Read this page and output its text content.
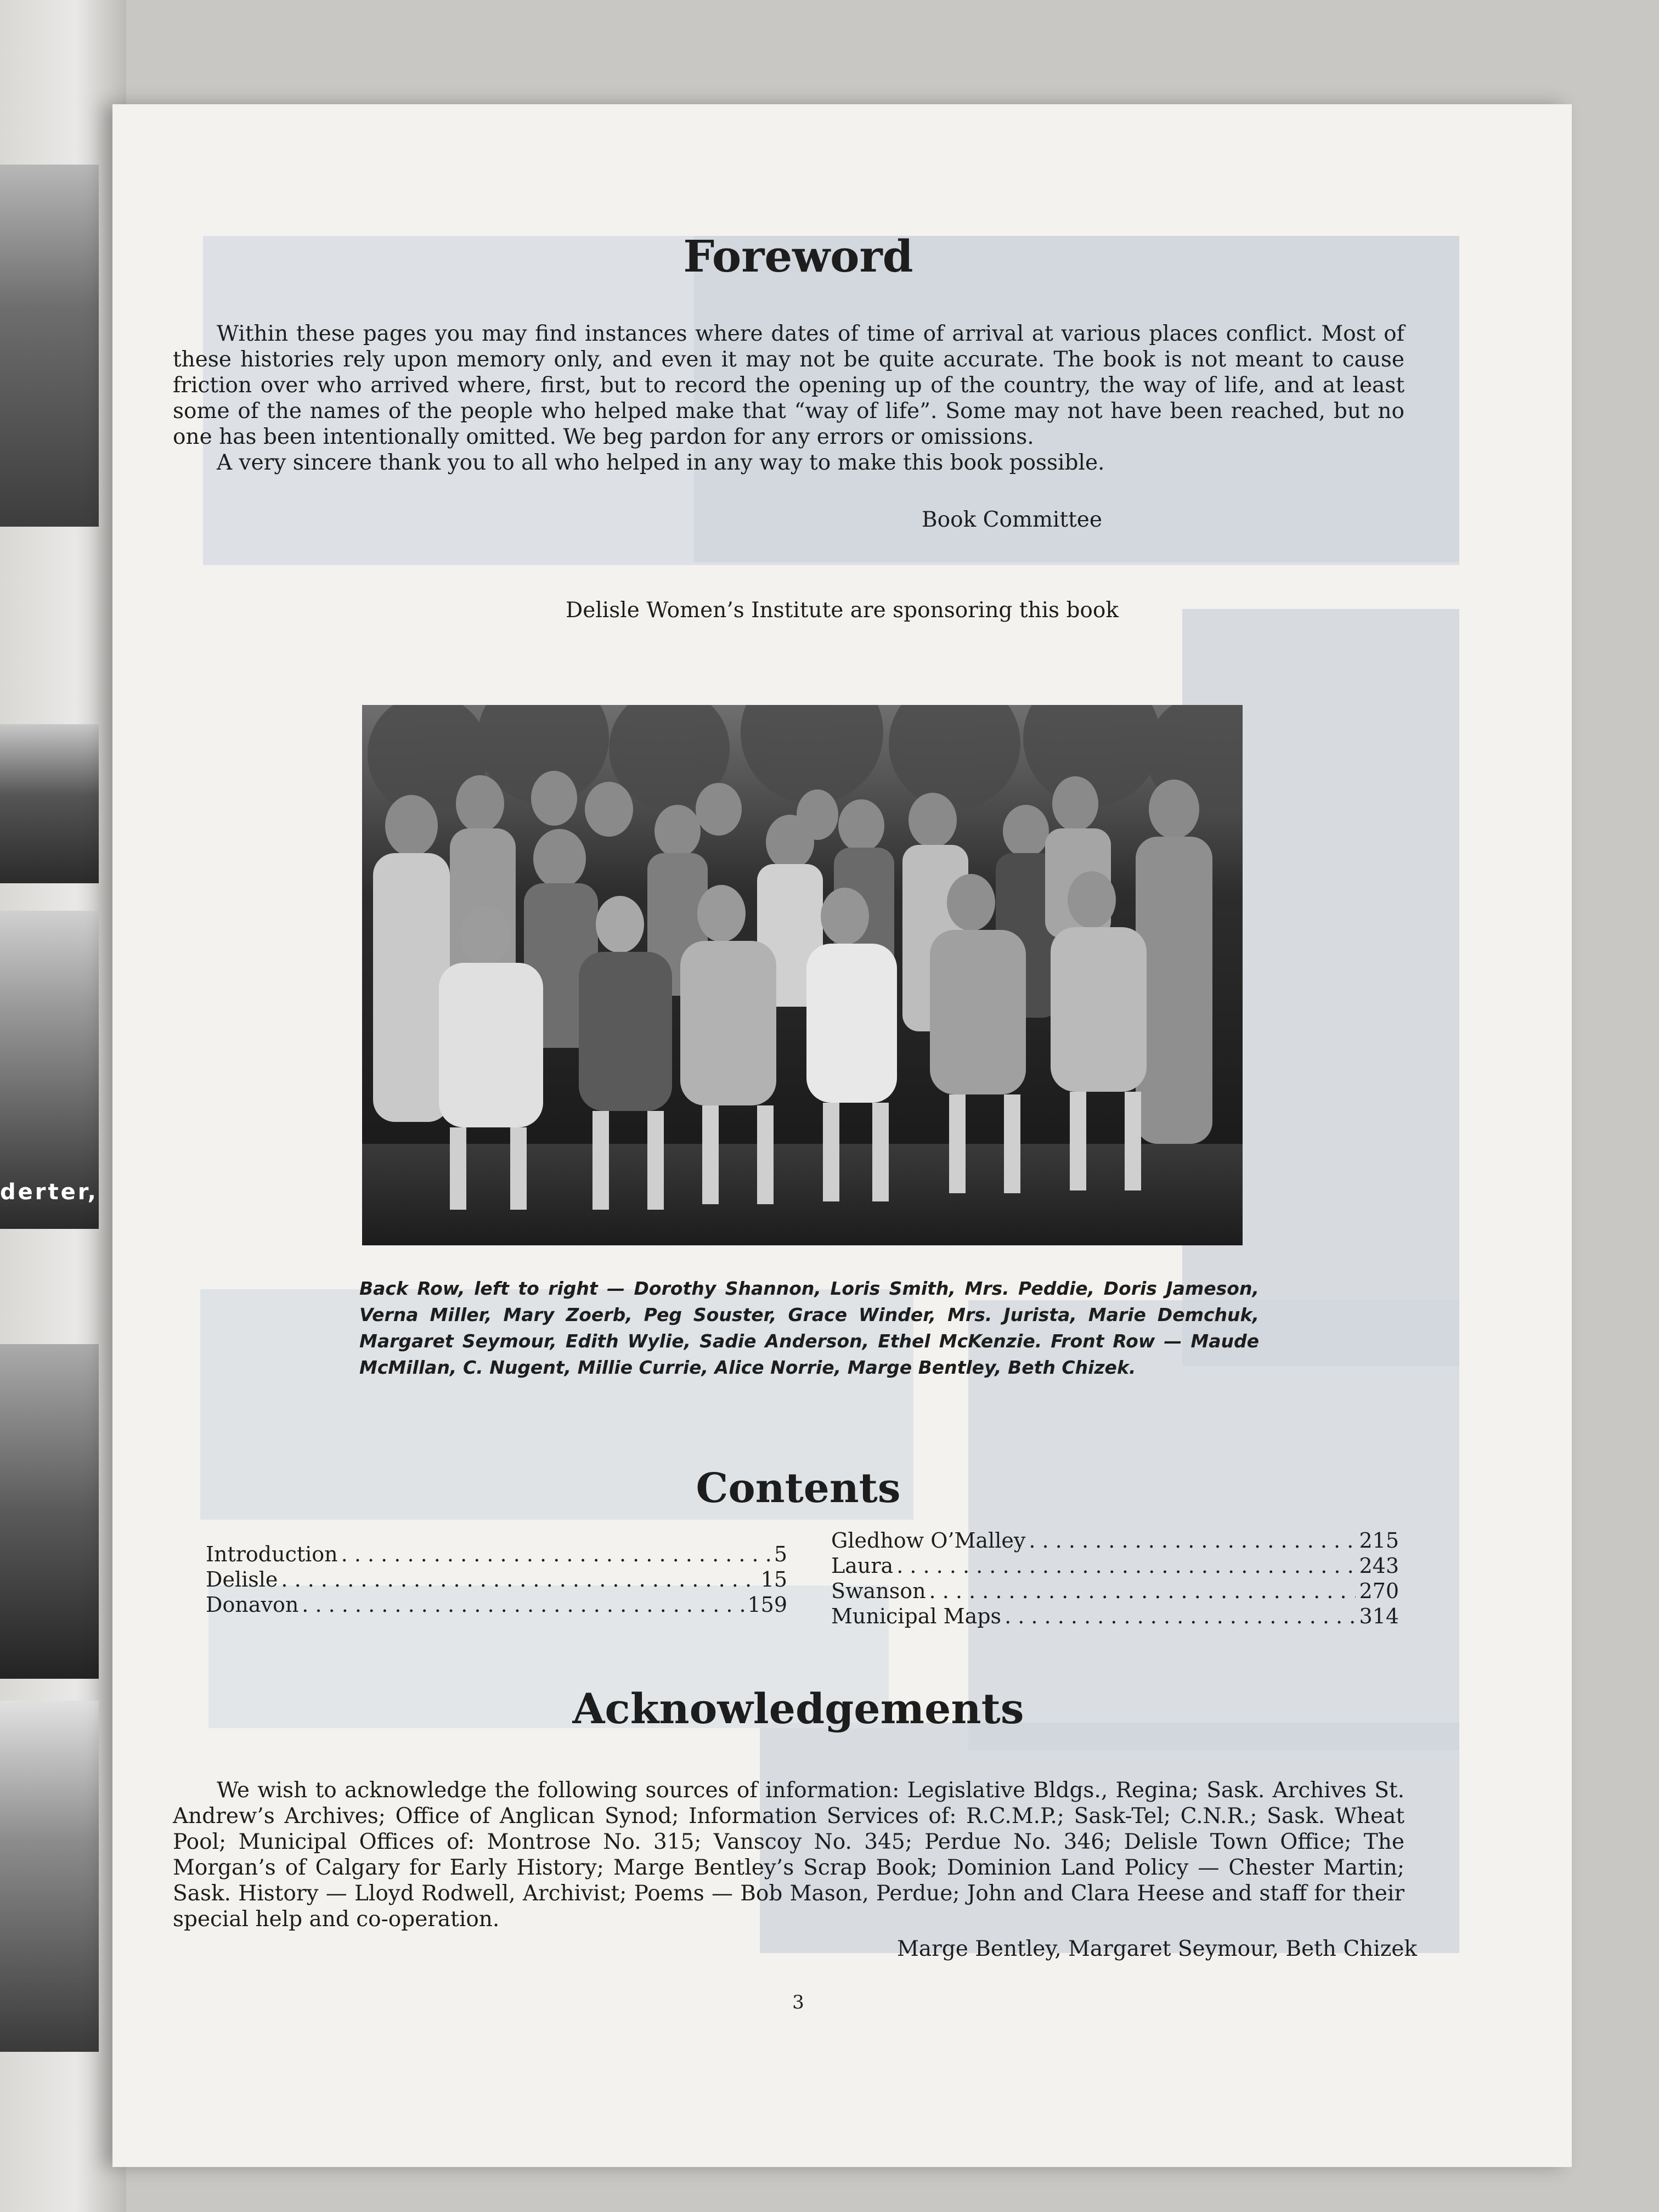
derter,
Foreword

Within these pages you may find instances where dates of time of arrival at various places conflict. Most of these histories rely upon memory only, and even it may not be quite accurate. The book is not meant to cause friction over who arrived where, first, but to record the opening up of the country, the way of life, and at least some of the names of the people who helped make that “way of life”. Some may not have been reached, but no one has been intentionally omitted. We beg pardon for any errors or omissions.

A very sincere thank you to all who helped in any way to make this book possible.

Book Committee
Delisle Women’s Institute are sponsoring this book
Back Row, left to right — Dorothy Shannon, Loris Smith, Mrs. Peddie, Doris Jameson, Verna Miller, Mary Zoerb, Peg Souster, Grace Winder, Mrs. Jurista, Marie Demchuk, Margaret Seymour, Edith Wylie, Sadie Anderson, Ethel McKenzie. Front Row — Maude McMillan, C. Nugent, Millie Currie, Alice Norrie, Marge Bentley, Beth Chizek.
Contents
Introduction . . .	5
Delisle . . .	15
Donavon . . .	159
Gledhow O’Malley . . .	215
Laura . . .	243
Swanson . . .	270
Municipal Maps . . .	314
Acknowledgements

We wish to acknowledge the following sources of information: Legislative Bldgs., Regina; Sask. Archives St. Andrew’s Archives; Office of Anglican Synod; Information Services of: R.C.M.P.; Sask-Tel; C.N.R.; Sask. Wheat Pool; Municipal Offices of: Montrose No. 315; Vanscoy No. 345; Perdue No. 346; Delisle Town Office; The Morgan’s of Calgary for Early History; Marge Bentley’s Scrap Book; Dominion Land Policy — Chester Martin; Sask. History — Lloyd Rodwell, Archivist; Poems — Bob Mason, Perdue; John and Clara Heese and staff for their special help and co-operation.

Marge Bentley, Margaret Seymour, Beth Chizek
3
